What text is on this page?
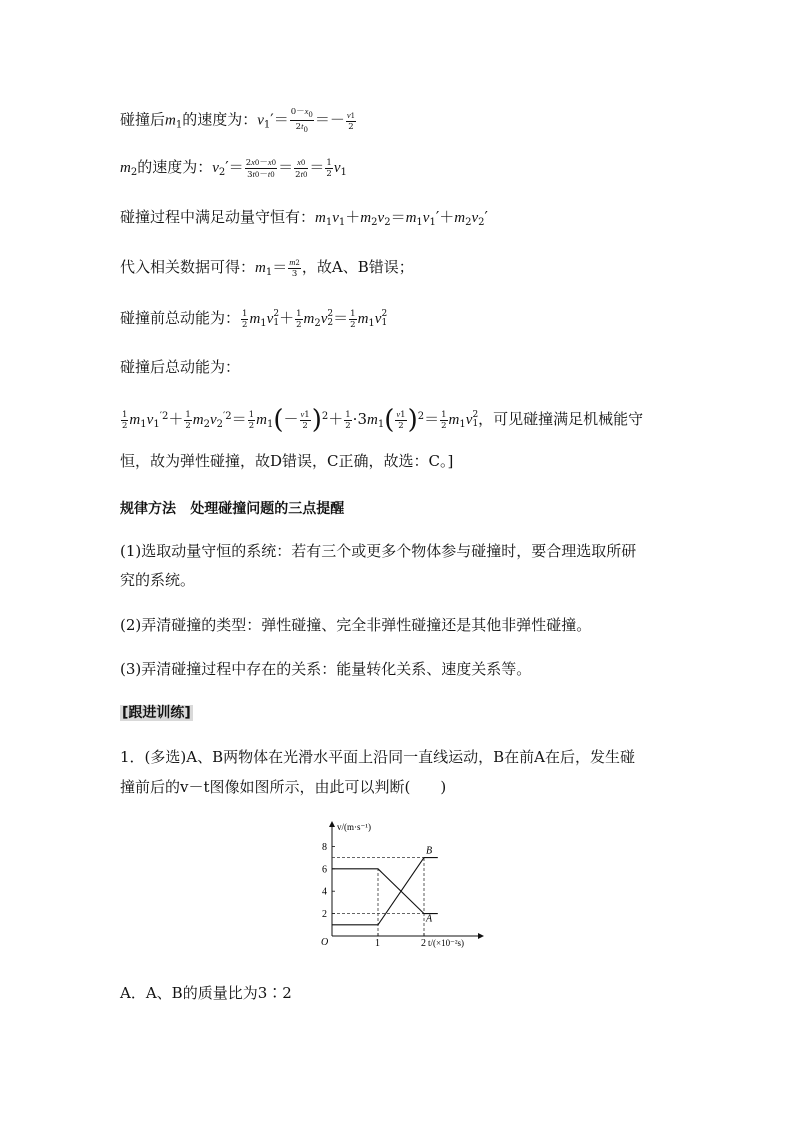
碰撞后$m_1$的速度为：$v_1'= \frac{0-x_0}{2t_0} =- \frac{v1}{2}$
$m_2$的速度为：$v_2'= \frac{2x0-x0}{3t0-t0} = \frac{x0}{2t0} = \frac{1}{2} v_1$
碰撞过程中满足动量守恒有：$m_1v_1+m_2v_2=m_1v_1'+m_2v_2'$
代入相关数据可得：$m_1= \frac{m2}{3}$ ，故A、B错误；
碰撞前总动能为： $\frac{1}{2} m_1v2$
$1+ \frac{1}{2} m_2v2$
$2= \frac{1}{2} m_1v2$
1
碰撞后总动能为：
$\frac{1}{2} m_1v_1^{'2}+ \frac{1}{2} m_2v_2^{'2}= \frac{1}{2} m_1(- \frac{v1}{2} )^2+ \frac{1}{2} \cdot 3m_1( \frac{v1}{2} )^2= \frac{1}{2} m_1v2$
1，可见碰撞满足机械能守
恒，故为弹性碰撞，故D错误，C正确，故选：C。]
规律方法 处理碰撞问题的三点提醒
(1)选取动量守恒的系统：若有三个或更多个物体参与碰撞时，要合理选取所研
究的系统。
(2)弄清碰撞的类型：弹性碰撞、完全非弹性碰撞还是其他非弹性碰撞。
(3)弄清碰撞过程中存在的关系：能量转化关系、速度关系等。
[跟进训练]
1．(多选)A、B两物体在光滑水平面上沿同一直线运动，B在前A在后，发生碰
撞前后的v－t图像如图所示，由此可以判断(　　)
v/(m·s⁻¹)
t/(×10⁻²s)
O
2
4
6
8
1	2
A
B
A．A、B的质量比为3∶2
